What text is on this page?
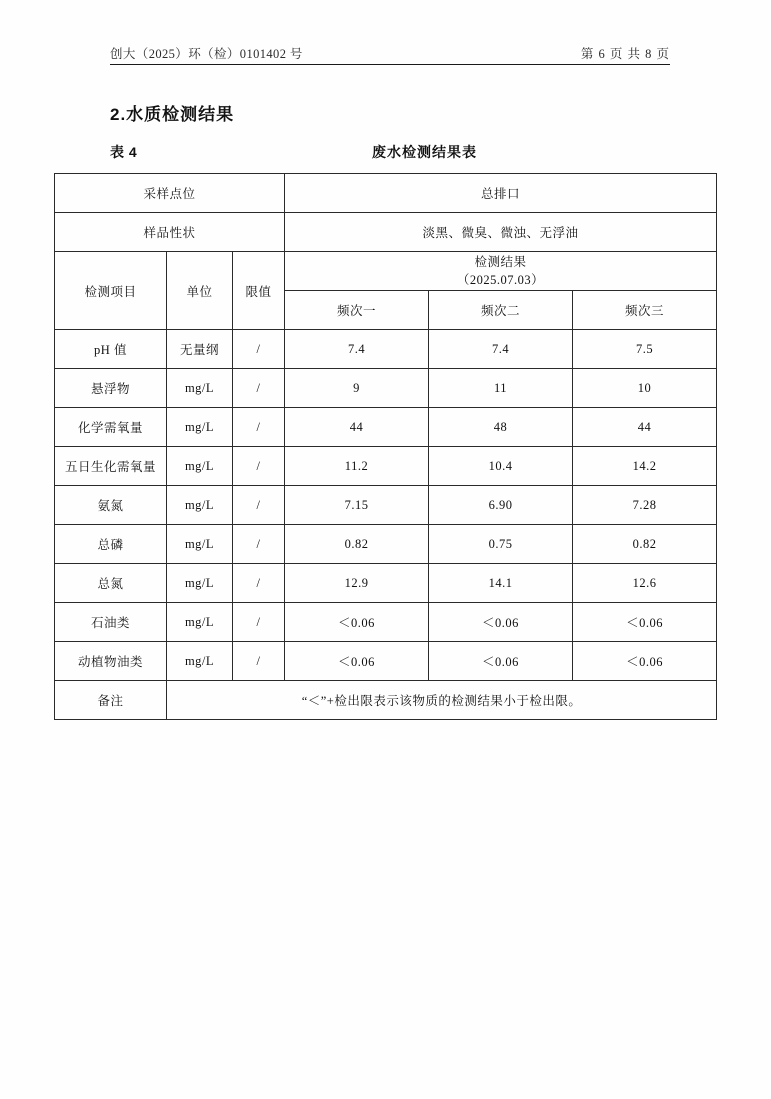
创大（2025）环（检）0101402 号	第 6 页 共 8 页
2.水质检测结果
表 4	废水检测结果表
采样点位			总排口		
样品性状			淡黑、微臭、微浊、无浮油		
检测项目	单位	限值	检测结果
（2025.07.03）		

			频次一	频次二	频次三
pH 值	无量纲	/	7.4	7.4	7.5
悬浮物	mg/L	/	9	11	10
化学需氧量	mg/L	/	44	48	44
五日生化需氧量	mg/L	/	11.2	10.4	14.2
氨氮	mg/L	/	7.15	6.90	7.28
总磷	mg/L	/	0.82	0.75	0.82
总氮	mg/L	/	12.9	14.1	12.6
石油类	mg/L	/	＜0.06	＜0.06	＜0.06
动植物油类	mg/L	/	＜0.06	＜0.06	＜0.06
备注	“＜”+检出限表示该物质的检测结果小于检出限。				
